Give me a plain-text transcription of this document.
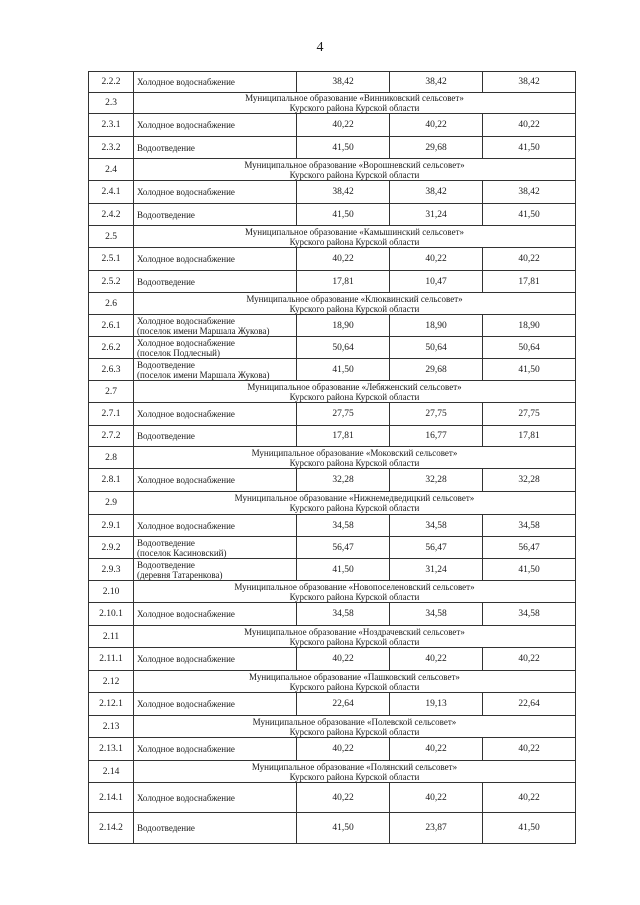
4
2.2.2	Холодное водоснабжение	38,42	38,42	38,42
2.3	Муниципальное образование «Винниковский сельсовет»
Курского района Курской области			

2.3.1	Холодное водоснабжение	40,22	40,22	40,22
2.3.2	Водоотведение	41,50	29,68	41,50
2.4	Муниципальное образование «Ворошневский сельсовет»
Курского района Курской области			

2.4.1	Холодное водоснабжение	38,42	38,42	38,42
2.4.2	Водоотведение	41,50	31,24	41,50
2.5	Муниципальное образование «Камышинский сельсовет»
Курского района Курской области			

2.5.1	Холодное водоснабжение	40,22	40,22	40,22
2.5.2	Водоотведение	17,81	10,47	17,81
2.6	Муниципальное образование «Клюквинский сельсовет»
Курского района Курской области			

2.6.1	Холодное водоснабжение
(поселок имени Маршала Жукова)	18,90	18,90	18,90
2.6.2	Холодное водоснабжение
(поселок Подлесный)	50,64	50,64	50,64
2.6.3	Водоотведение
(поселок имени Маршала Жукова)	41,50	29,68	41,50
2.7	Муниципальное образование «Лебяженский сельсовет»
Курского района Курской области			

2.7.1	Холодное водоснабжение	27,75	27,75	27,75
2.7.2	Водоотведение	17,81	16,77	17,81
2.8	Муниципальное образование «Моковский сельсовет»
Курского района Курской области			

2.8.1	Холодное водоснабжение	32,28	32,28	32,28
2.9	Муниципальное образование «Нижнемедведицкий сельсовет»
Курского района Курской области			

2.9.1	Холодное водоснабжение	34,58	34,58	34,58
2.9.2	Водоотведение
(поселок Касиновский)	56,47	56,47	56,47
2.9.3	Водоотведение
(деревня Татаренкова)	41,50	31,24	41,50
2.10	Муниципальное образование «Новопоселеновский сельсовет»
Курского района Курской области			

2.10.1	Холодное водоснабжение	34,58	34,58	34,58
2.11	Муниципальное образование «Ноздрачевский сельсовет»
Курского района Курской области			

2.11.1	Холодное водоснабжение	40,22	40,22	40,22
2.12	Муниципальное образование «Пашковский сельсовет»
Курского района Курской области			

2.12.1	Холодное водоснабжение	22,64	19,13	22,64
2.13	Муниципальное образование «Полевской сельсовет»
Курского района Курской области			

2.13.1	Холодное водоснабжение	40,22	40,22	40,22
2.14	Муниципальное образование «Полянский сельсовет»
Курского района Курской области			

2.14.1	Холодное водоснабжение	40,22	40,22	40,22
2.14.2	Водоотведение	41,50	23,87	41,50
